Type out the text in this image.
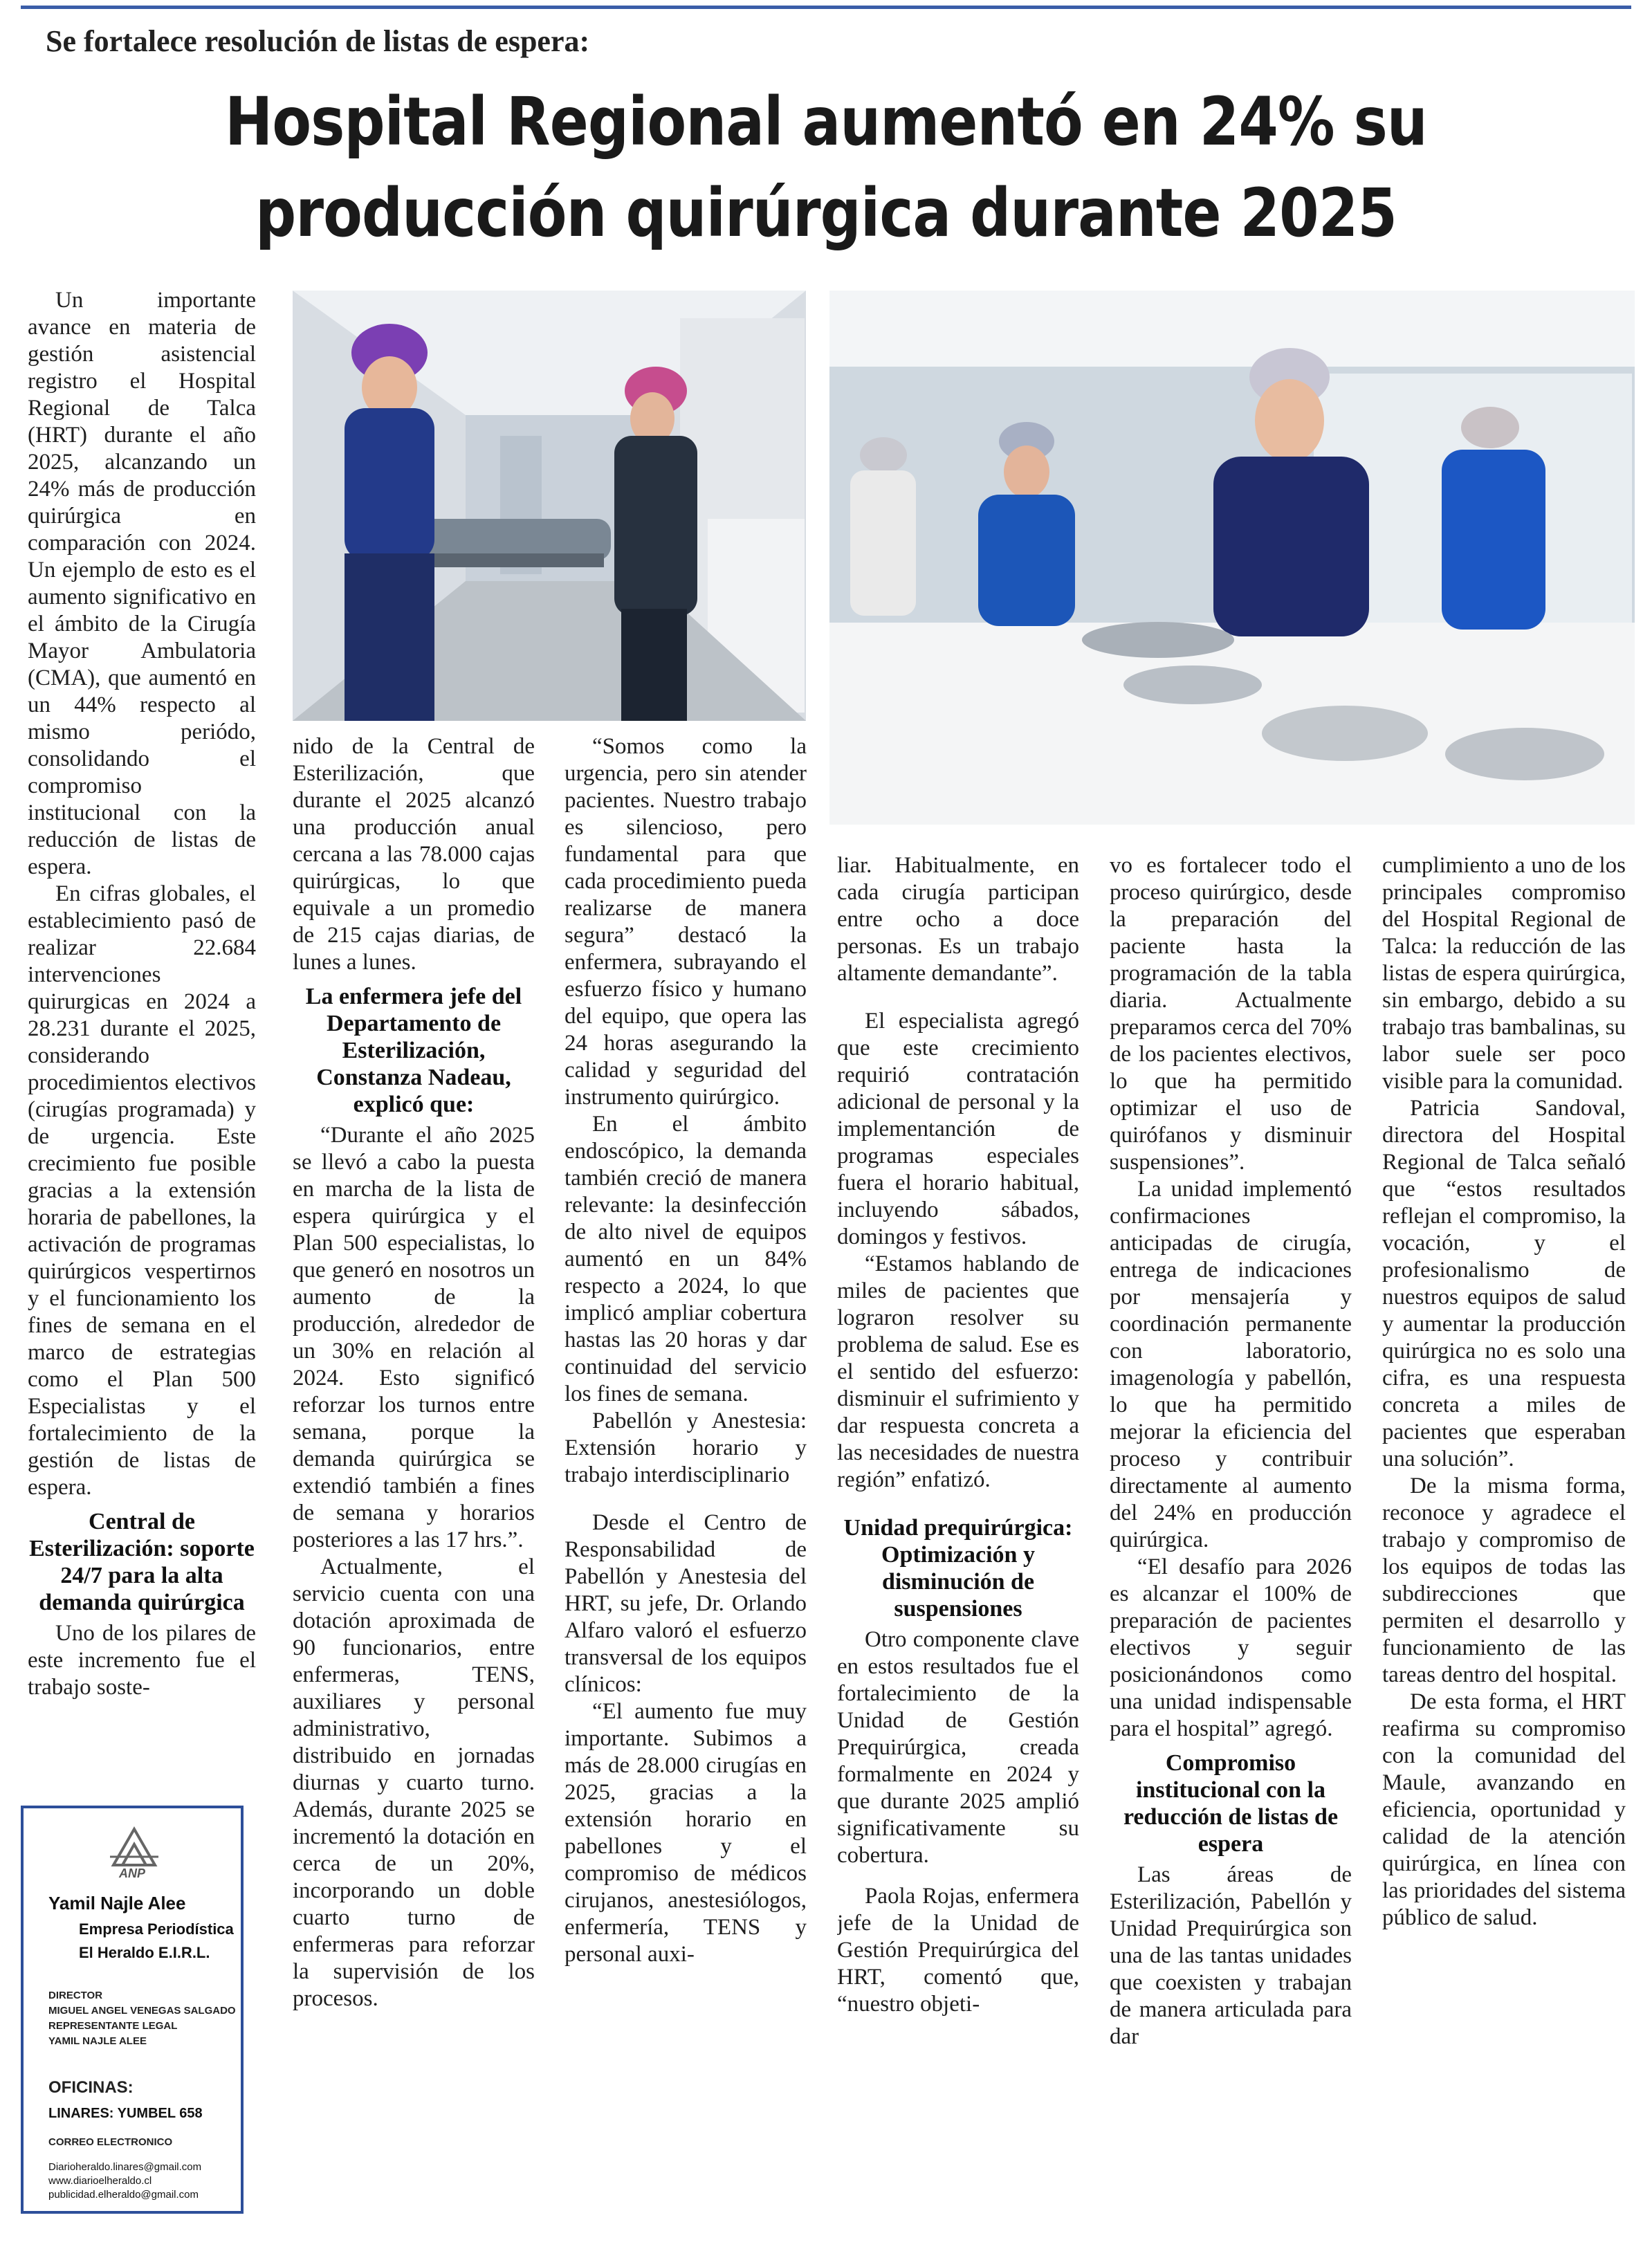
Se fortalece resolución de listas de espera:
Hospital Regional aumentó en 24% su
producción quirúrgica durante 2025

Un importante avance en materia de gestión asistencial registro el Hospital Regional de Talca (HRT) durante el año 2025, alcanzando un 24% más de producción quirúrgica en comparación con 2024. Un ejemplo de esto es el aumento significativo en el ámbito de la Cirugía Mayor Ambulatoria (CMA), que aumentó en un 44% respecto al mismo periódo, consolidando el compromiso institucional con la reducción de listas de espera.

En cifras globales, el establecimiento pasó de realizar 22.684 intervenciones quirurgicas en 2024 a 28.231 durante el 2025, considerando procedimientos electivos (cirugías programada) y de urgencia. Este crecimiento fue posible gracias a la extensión horaria de pabellones, la activación de programas quirúrgicos vespertirnos y el funcionamiento los fines de semana en el marco de estrategias como el Plan 500 Especialistas y el fortalecimiento de la gestión de listas de espera.

Central de Esterilización: soporte 24/7 para la alta demanda quirúrgica

Uno de los pilares de este incremento fue el trabajo soste-

nido de la Central de Esterilización, que durante el 2025 alcanzó una producción anual cercana a las 78.000 cajas quirúrgicas, lo que equivale a un promedio de 215 cajas diarias, de lunes a lunes.

La enfermera jefe del Departamento de Esterilización, Constanza Nadeau, explicó que:

“Durante el año 2025 se llevó a cabo la puesta en marcha de la lista de espera quirúrgica y el Plan 500 especialistas, lo que generó en nosotros un aumento de la producción, alrededor de un 30% en relación al 2024. Esto significó reforzar los turnos entre semana, porque la demanda quirúrgica se extendió también a fines de semana y horarios posteriores a las 17 hrs.”.

Actualmente, el servicio cuenta con una dotación aproximada de 90 funcionarios, entre enfermeras, TENS, auxiliares y personal administrativo, distribuido en jornadas diurnas y cuarto turno. Además, durante 2025 se incrementó la dotación en cerca de un 20%, incorporando un doble cuarto turno de enfermeras para reforzar la supervisión de los procesos.

“Somos como la urgencia, pero sin atender pacientes. Nuestro trabajo es silencioso, pero fundamental para que cada procedimiento pueda realizarse de manera segura” destacó la enfermera, subrayando el esfuerzo físico y humano del equipo, que opera las 24 horas asegurando la calidad y seguridad del instrumento quirúrgico.

En el ámbito endoscópico, la demanda también creció de manera relevante: la desinfección de alto nivel de equipos aumentó en un 84% respecto a 2024, lo que implicó ampliar cobertura hastas las 20 horas y dar continuidad del servicio los fines de semana.

Pabellón y Anestesia: Extensión horario y trabajo interdisciplinario

Desde el Centro de Responsabilidad de Pabellón y Anestesia del HRT, su jefe, Dr. Orlando Alfaro valoró el esfuerzo transversal de los equipos clínicos:

“El aumento fue muy importante. Subimos a más de 28.000 cirugías en 2025, gracias a la extensión horario en pabellones y el compromiso de médicos cirujanos, anestesiólogos, enfermería, TENS y personal auxi-

liar. Habitualmente, en cada cirugía participan entre ocho a doce personas. Es un trabajo altamente demandante”.

El especialista agregó que este crecimiento requirió contratación adicional de personal y la implementanción de programas especiales fuera el horario habitual, incluyendo sábados, domingos y festivos.

“Estamos hablando de miles de pacientes que lograron resolver su problema de salud. Ese es el sentido del esfuerzo: disminuir el sufrimiento y dar respuesta concreta a las necesidades de nuestra región” enfatizó.

Unidad prequirúrgica: Optimización y disminución de suspensiones

Otro componente clave en estos resultados fue el fortalecimiento de la Unidad de Gestión Prequirúrgica, creada formalmente en 2024 y que durante 2025 amplió significativamente su cobertura.

Paola Rojas, enfermera jefe de la Unidad de Gestión Prequirúrgica del HRT, comentó que, “nuestro objeti-

vo es fortalecer todo el proceso quirúrgico, desde la preparación del paciente hasta la programación de la tabla diaria. Actualmente preparamos cerca del 70% de los pacientes electivos, lo que ha permitido optimizar el uso de quirófanos y disminuir suspensiones”.

La unidad implementó confirmaciones anticipadas de cirugía, entrega de indicaciones por mensajería y coordinación permanente con laboratorio, imagenología y pabellón, lo que ha permitido mejorar la eficiencia del proceso y contribuir directamente al aumento del 24% en producción quirúrgica.

“El desafío para 2026 es alcanzar el 100% de preparación de pacientes electivos y seguir posicionándonos como una unidad indispensable para el hospital” agregó.

Compromiso institucional con la reducción de listas de espera

Las áreas de Esterilización, Pabellón y Unidad Prequirúrgica son una de las tantas unidades que coexisten y trabajan de manera articulada para dar

cumplimiento a uno de los principales compromiso del Hospital Regional de Talca: la reducción de las listas de espera quirúrgica, sin embargo, debido a su trabajo tras bambalinas, su labor suele ser poco visible para la comunidad.

Patricia Sandoval, directora del Hospital Regional de Talca señaló que “estos resultados reflejan el compromiso, la vocación, y el profesionalismo de nuestros equipos de salud y aumentar la producción quirúrgica no es solo una cifra, es una respuesta concreta a miles de pacientes que esperaban una solución”.

De la misma forma, reconoce y agradece el trabajo y compromiso de los equipos de todas las subdirecciones que permiten el desarrollo y funcionamiento de las tareas dentro del hospital.

De esta forma, el HRT reafirma su compromiso con la comunidad del Maule, avanzando en eficiencia, oportunidad y calidad de la atención quirúrgica, en línea con las prioridades del sistema público de salud.

ANP
Yamil Najle Alee
Empresa Periodística
El Heraldo E.I.R.L.
DIRECTOR
MIGUEL ANGEL VENEGAS SALGADO
REPRESENTANTE LEGAL
YAMIL NAJLE ALEE
OFICINAS:
LINARES: YUMBEL 658
CORREO ELECTRONICO
Diarioheraldo.linares@gmail.com
www.diarioelheraldo.cl
publicidad.elheraldo@gmail.com
